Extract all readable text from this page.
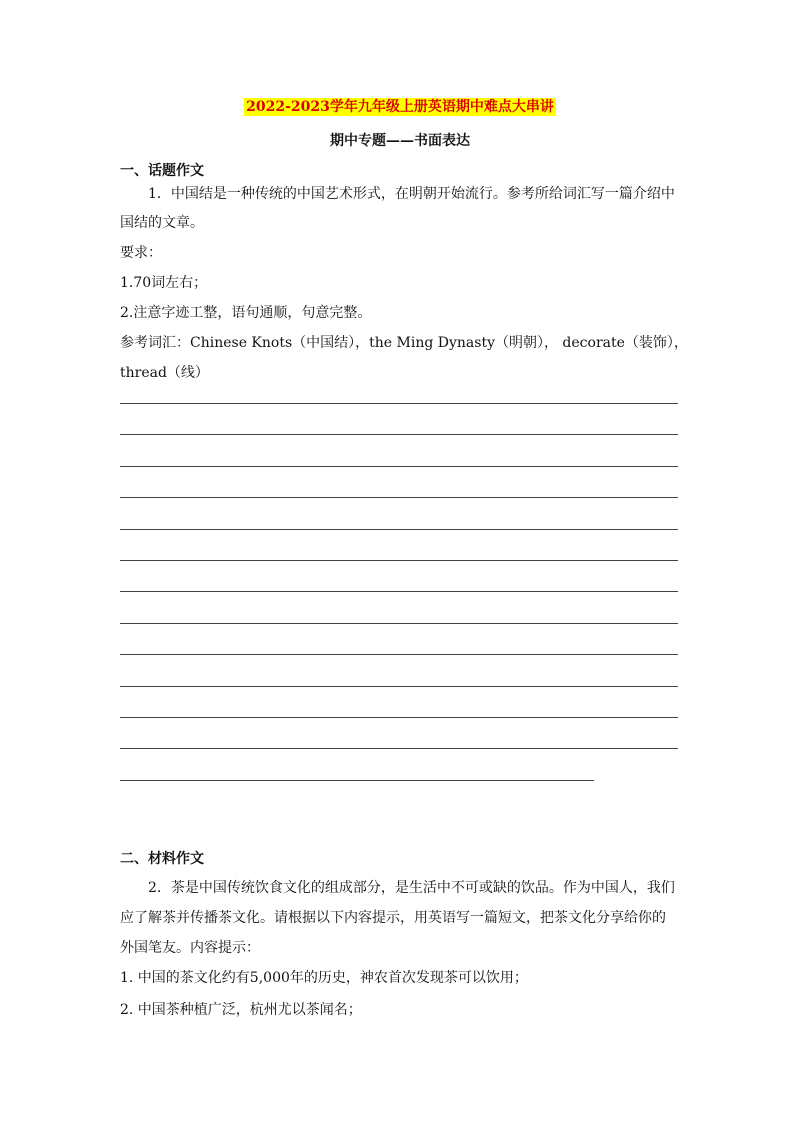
2022-2023学年九年级上册英语期中难点大串讲
期中专题——书面表达
一、话题作文
1．中国结是一种传统的中国艺术形式，在明朝开始流行。参考所给词汇写一篇介绍中
国结的文章。
要求：
1.70词左右；
2.注意字迹工整，语句通顺，句意完整。
参考词汇：Chinese Knots（中国结），the Ming Dynasty（明朝）， decorate（装饰），
thread（线）
二、材料作文
2．茶是中国传统饮食文化的组成部分，是生活中不可或缺的饮品。作为中国人，我们
应了解茶并传播茶文化。请根据以下内容提示，用英语写一篇短文，把茶文化分享给你的
外国笔友。内容提示：
1. 中国的茶文化约有5,000年的历史，神农首次发现茶可以饮用；
2. 中国茶种植广泛，杭州尤以茶闻名；
